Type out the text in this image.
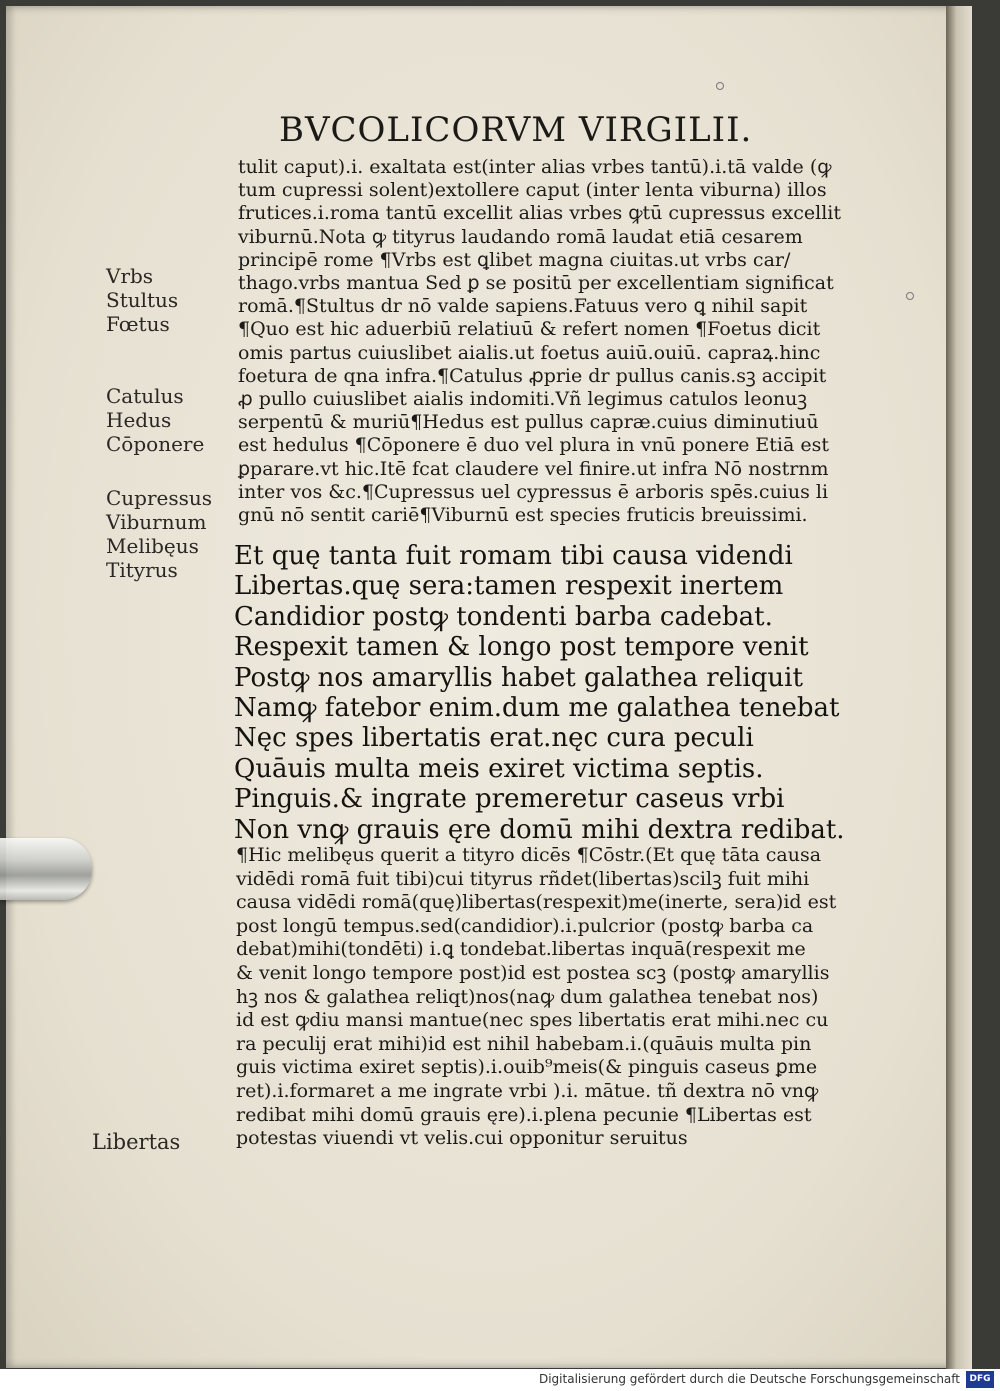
BVCOLICORVM VIRGILII.
tulit caput).i. exaltata est(inter alias vrbes tantū).i.tā valde (ꝙ
tum cupressi solent)extollere caput (inter lenta viburna) illos
frutices.i.roma tantū excellit alias vrbes ꝙtū cupressus excellit
viburnū.Nota ꝙ tityrus laudando romā laudat etiā cesarem
principē rome ¶Vrbs est ꝗlibet magna ciuitas.ut vrbs car/
thago.vrbs mantua Sed ꝑ se positū per excellentiam significat
romā.¶Stultus dr nō valde sapiens.Fatuus vero ꝗ nihil sapit
¶Quo est hic aduerbiū relatiuū & refert nomen ¶Foetus dicit
omis partus cuiuslibet aialis.ut foetus auiū.ouiū. capraꝝ.hinc
foetura de qna infra.¶Catulus ꝓprie dr pullus canis.sꝫ accipit
ꝓ pullo cuiuslibet aialis indomiti.Vñ legimus catulos leonuꝫ
serpentū & muriū¶Hedus est pullus capræ.cuius diminutiuū
est hedulus ¶Cōponere ē duo vel plura in vnū ponere Etiā est
ꝑparare.vt hic.Itē fcat claudere vel finire.ut infra Nō nostrnm
inter vos &c.¶Cupressus uel cypressus ē arboris spēs.cuius li
gnū nō sentit cariē¶Viburnū est species fruticis breuissimi.
Et quę tanta fuit romam tibi causa videndi
Libertas.quę sera:tamen respexit inertem
Candidior postꝙ tondenti barba cadebat.
Respexit tamen & longo post tempore venit
Postꝙ nos amaryllis habet galathea reliquit
Namꝙ fatebor enim.dum me galathea tenebat
Nęc spes libertatis erat.nęc cura peculi
Quāuis multa meis exiret victima septis.
Pinguis.& ingrate premeretur caseus vrbi
Non vnꝙ grauis ęre domū mihi dextra redibat.
¶Hic melibęus querit a tityro dicēs ¶Cōstr.(Et quę tāta causa
vidēdi romā fuit tibi)cui tityrus rñdet(libertas)scilꝫ fuit mihi
causa vidēdi romā(quę)libertas(respexit)me(inerte, sera)id est
post longū tempus.sed(candidior).i.pulcrior (postꝙ barba ca
debat)mihi(tondēti) i.ꝗ tondebat.libertas inquā(respexit me
& venit longo tempore post)id est postea scꝫ (postꝙ amaryllis
hꝫ nos & galathea reliqt)nos(naꝙ dum galathea tenebat nos)
id est ꝙdiu mansi mantue(nec spes libertatis erat mihi.nec cu
ra peculij erat mihi)id est nihil habebam.i.(quāuis multa pin
guis victima exiret septis).i.ouib⁹meis(& pinguis caseus ꝑme
ret).i.formaret a me ingrate vrbi ).i. mātue. tñ dextra nō vnꝙ
redibat mihi domū grauis ęre).i.plena pecunie ¶Libertas est
potestas viuendi vt velis.cui opponitur seruitus
Vrbs
Stultus
Fœtus
Catulus
Hedus
Cōponere
Cupressus
Viburnum
Melibęus
Tityrus
Libertas
Digitalisierung gefördert durch die Deutsche Forschungsgemeinschaft	DFG
